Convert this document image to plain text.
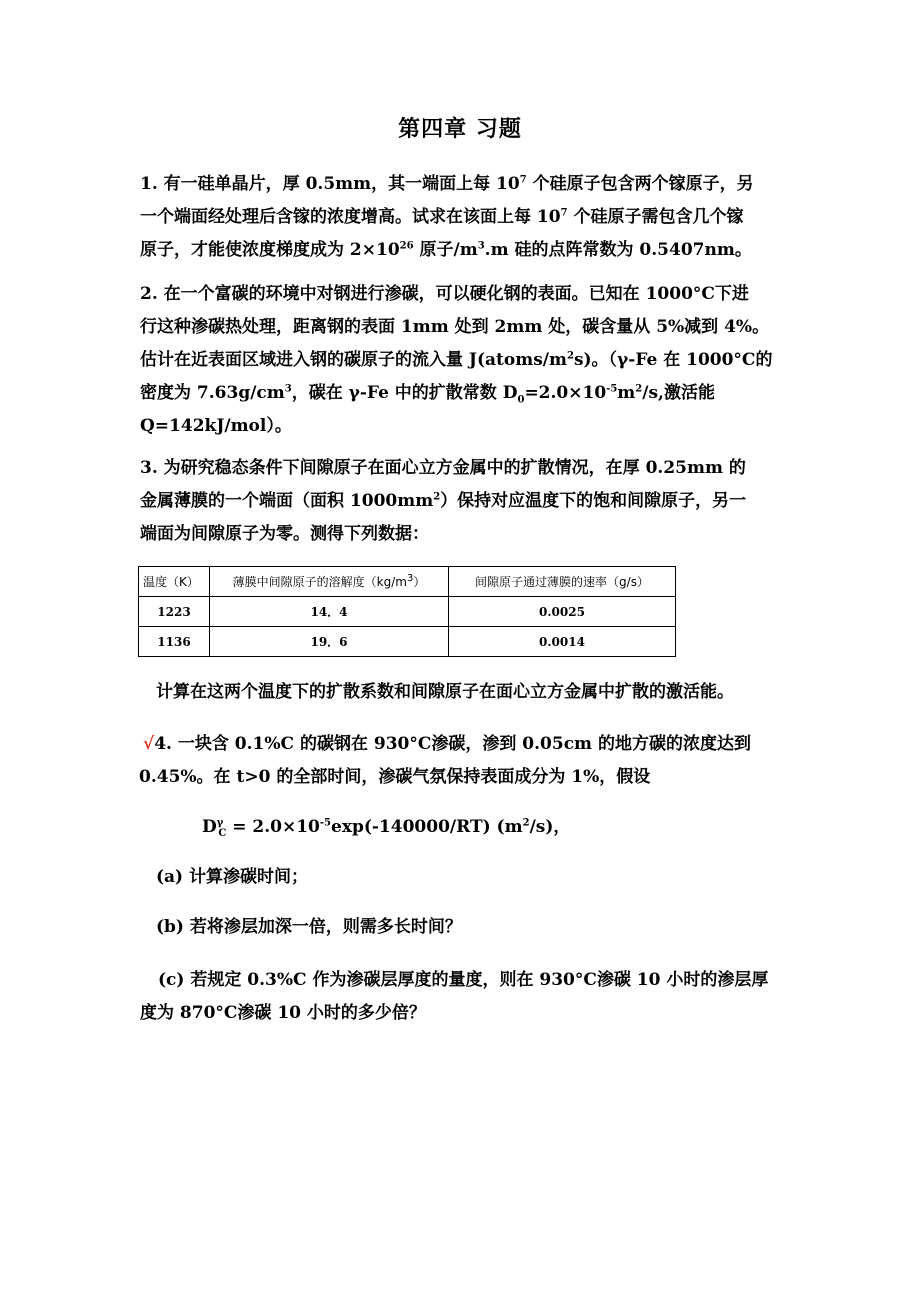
第四章 习题

1. 有一硅单晶片，厚 0.5mm，其一端面上每 $10^7$ 个硅原子包含两个镓原子，另

一个端面经处理后含镓的浓度增高。试求在该面上每 $10^7$ 个硅原子需包含几个镓

原子，才能使浓度梯度成为 $2\times 10^{26}$ 原子$/m^3.m$ 硅的点阵常数为 0.5407nm。

2. 在一个富碳的环境中对钢进行渗碳，可以硬化钢的表面。已知在 1000°C下进

行这种渗碳热处理，距离钢的表面 1mm 处到 2mm 处，碳含量从 5%减到 4%。

估计在近表面区域进入钢的碳原子的流入量 $J(atoms/m^2s)$。（γ-Fe 在 1000°C的

密度为 $7.63g/cm^3$，碳在 γ-Fe 中的扩散常数 $D_0=2.0\times 10^{-5}m^2/s$,激活能

Q=142kJ/mol）。

3. 为研究稳态条件下间隙原子在面心立方金属中的扩散情况，在厚 0.25mm 的

金属薄膜的一个端面（面积 $1000mm^2$）保持对应温度下的饱和间隙原子，另一

端面为间隙原子为零。测得下列数据：

温度（K）	薄膜中间隙原子的溶解度$(kg/m^3)$	间隙原子通过薄膜的速率（g/s）
1223	14．4	0.0025
1136	19．6	0.0014
计算在这两个温度下的扩散系数和间隙原子在面心立方金属中扩散的激活能。

√4. 一块含 0.1%C 的碳钢在 930°C渗碳，渗到 0.05cm 的地方碳的浓度达到

0.45%。在 t>0 的全部时间，渗碳气氛保持表面成分为 1%，假设

$D^\gamma_C = 2.0\times 10^{-5}\exp(-140000/RT)$ $(m^2/s)$，
(a) 计算渗碳时间；
(b) 若将渗层加深一倍，则需多长时间？
(c) 若规定 0.3%C 作为渗碳层厚度的量度，则在 930°C渗碳 10 小时的渗层厚
度为 870°C渗碳 10 小时的多少倍？
